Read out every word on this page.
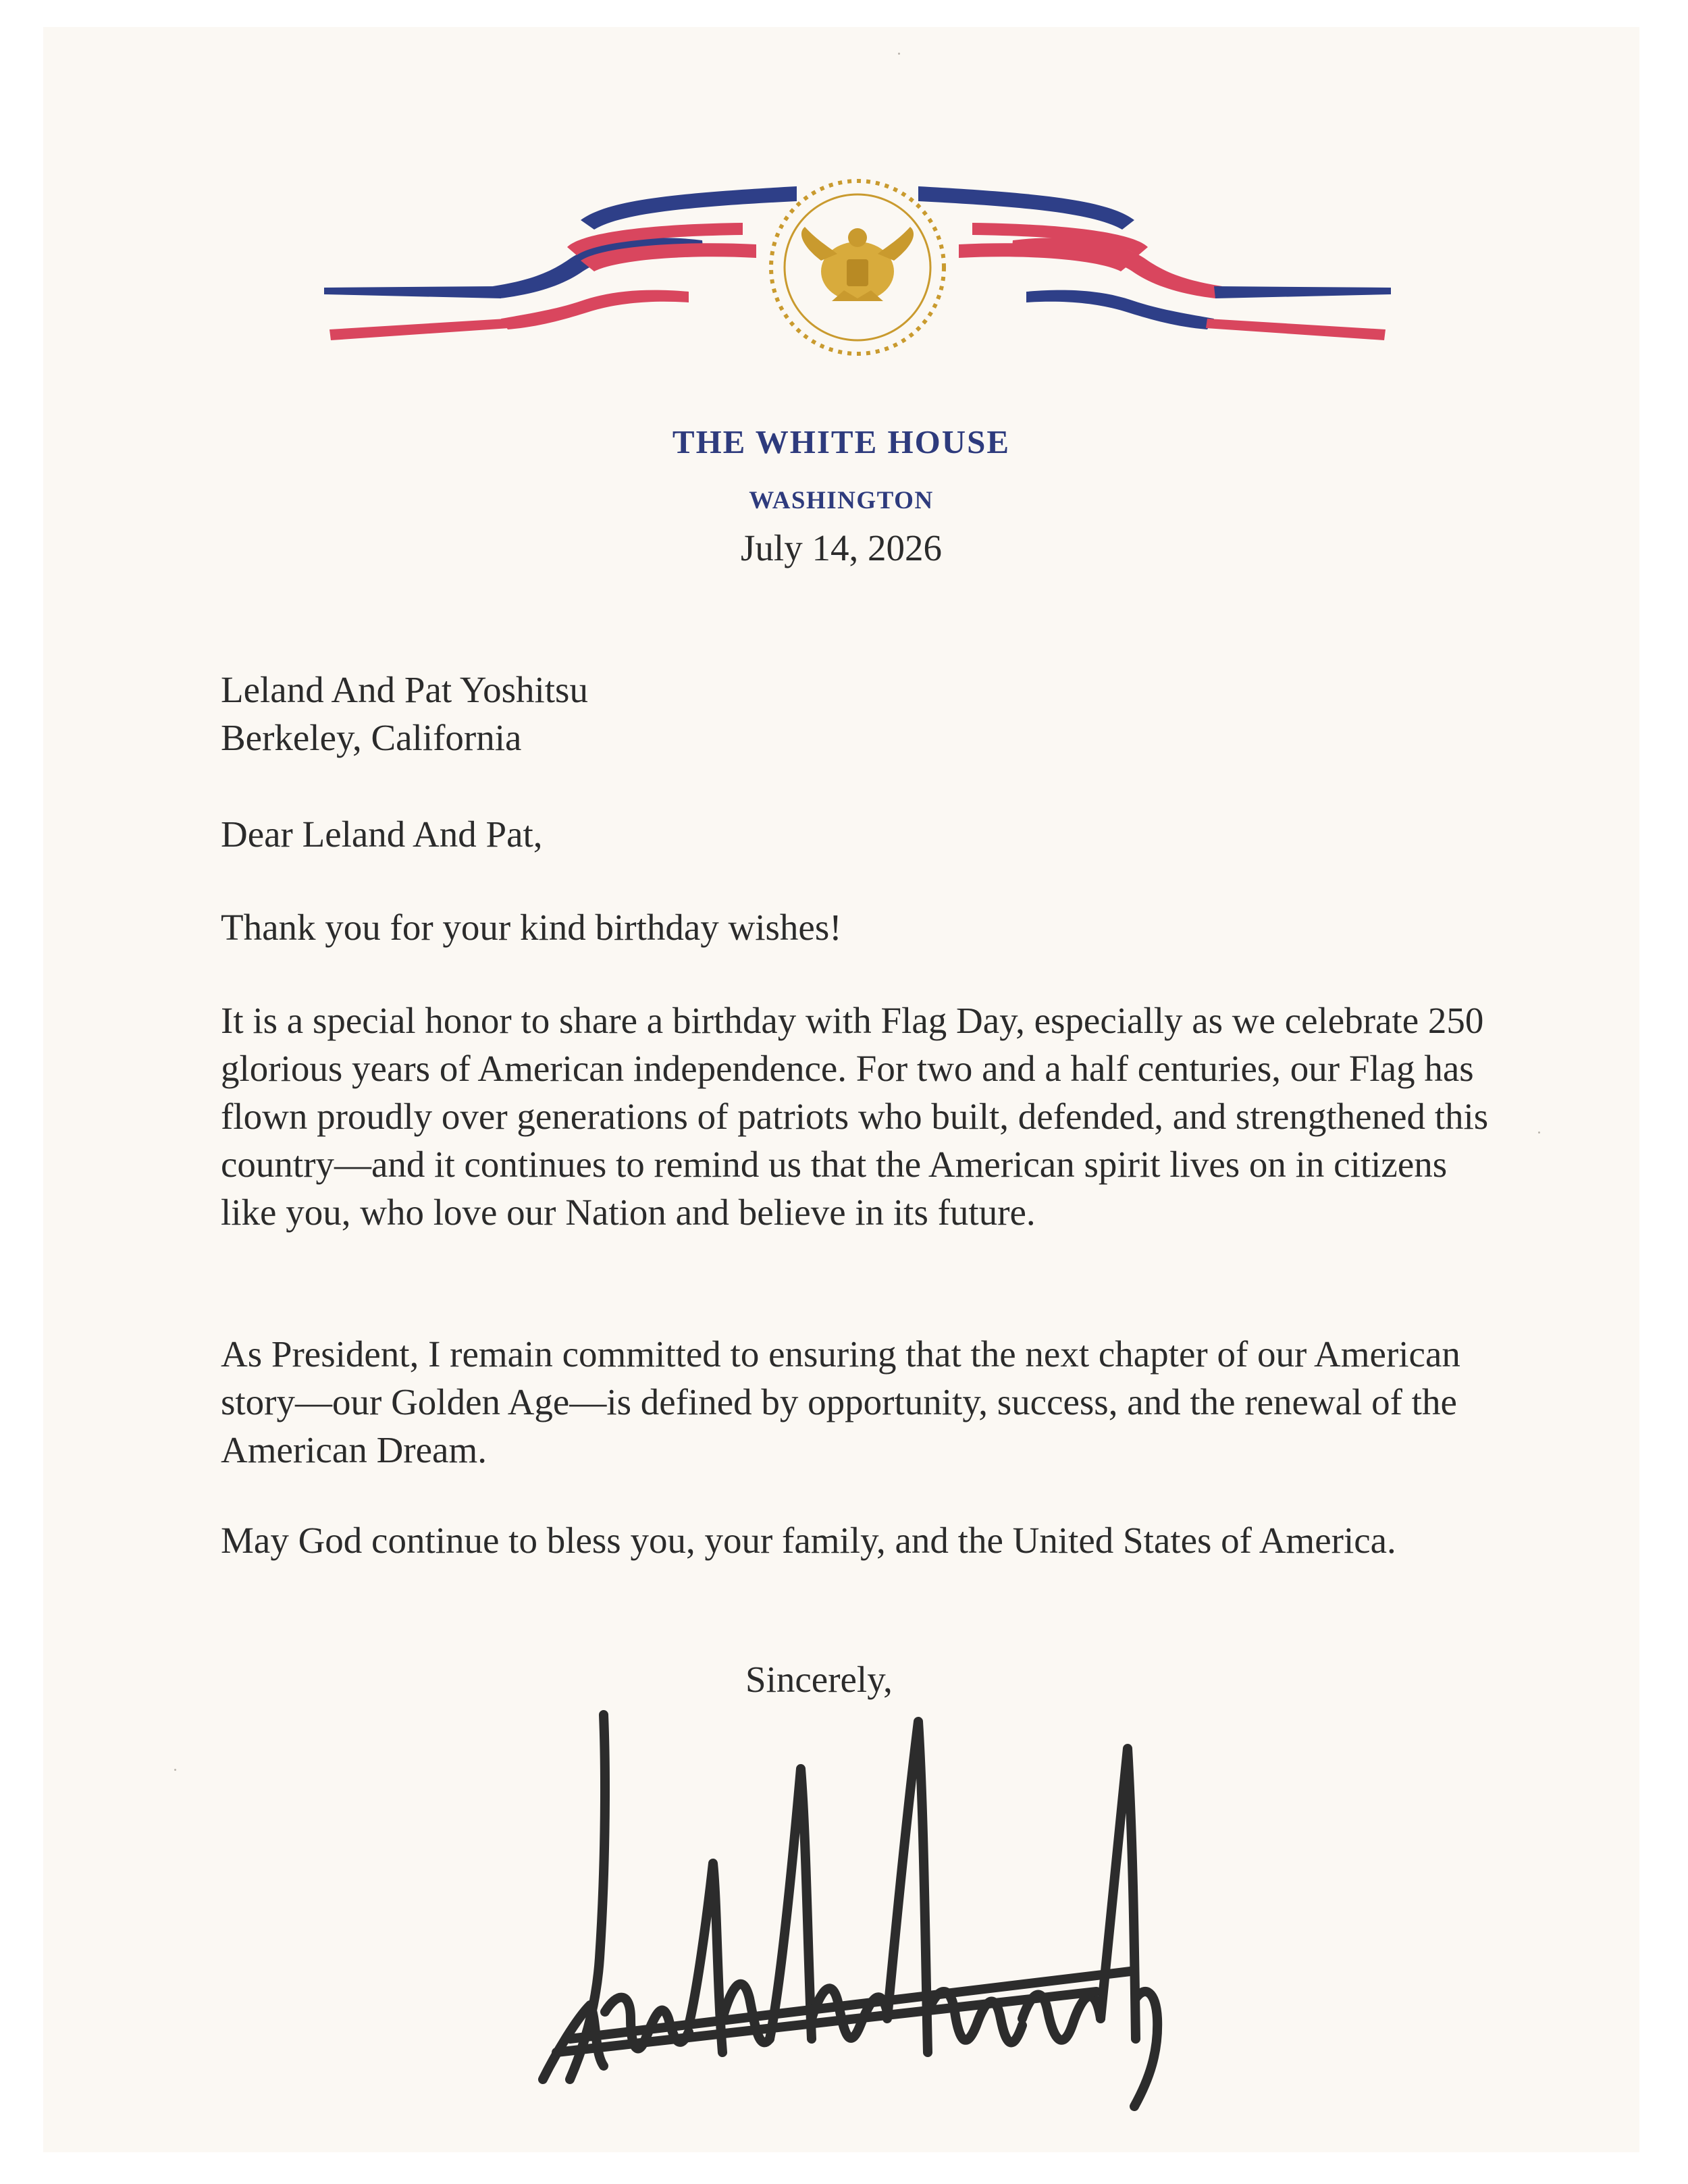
THE WHITE HOUSE
WASHINGTON
July 14, 2026

Leland And Pat Yoshitsu

Berkeley, California

Dear Leland And Pat,

Thank you for your kind birthday wishes!

It is a special honor to share a birthday with Flag Day, especially as we celebrate 250 glorious years of American independence. For two and a half centuries, our Flag has flown proudly over generations of patriots who built, defended, and strengthened this country—and it continues to remind us that the American spirit lives on in citizens like you, who love our Nation and believe in its future.

As President, I remain committed to ensuring that the next chapter of our American story—our Golden Age—is defined by opportunity, success, and the renewal of the American Dream.

May God continue to bless you, your family, and the United States of America.

Sincerely,
